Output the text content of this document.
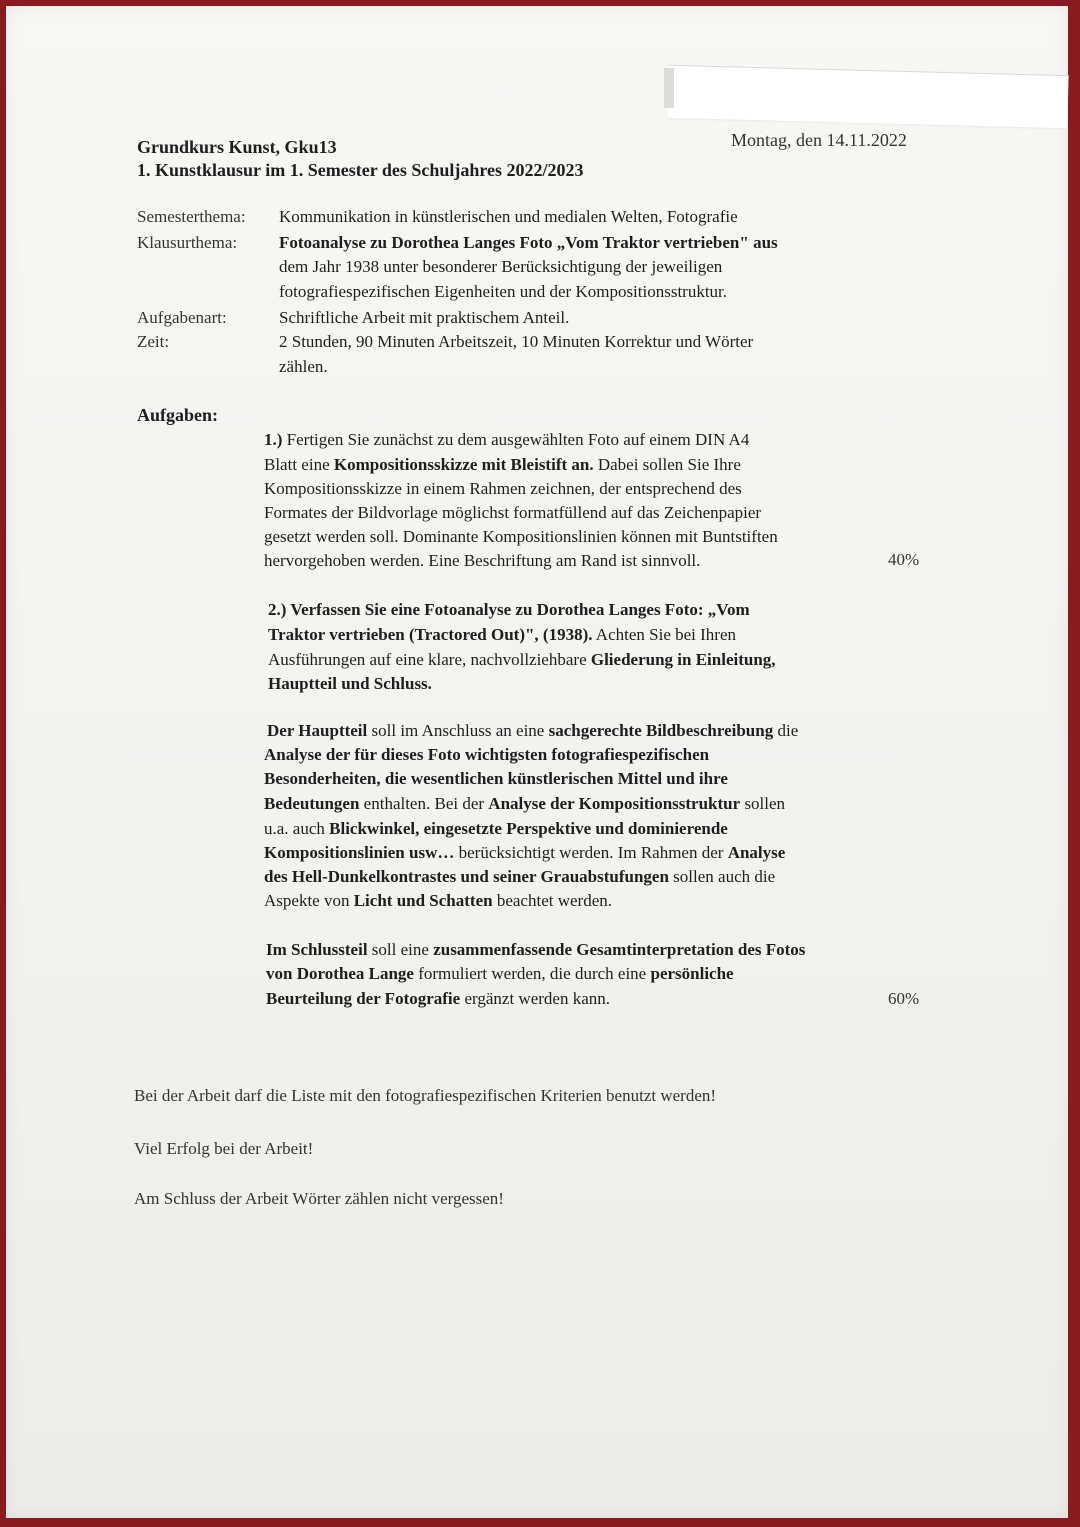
Grundkurs Kunst, Gku13
1. Kunstklausur im 1. Semester des Schuljahres 2022/2023
Montag, den 14.11.2022
Semesterthema: Kommunikation in künstlerischen und medialen Welten, Fotografie
Klausurthema: Fotoanalyse zu Dorothea Langes Foto „Vom Traktor vertrieben" aus
dem Jahr 1938 unter besonderer Berücksichtigung der jeweiligen
fotografiespezifischen Eigenheiten und der Kompositionsstruktur.
Aufgabenart:	Schriftliche Arbeit mit praktischem Anteil.
Zeit:	2 Stunden, 90 Minuten Arbeitszeit, 10 Minuten Korrektur und Wörter
zählen.
Aufgaben:
1.) Fertigen Sie zunächst zu dem ausgewählten Foto auf einem DIN A4
Blatt eine Kompositionsskizze mit Bleistift an. Dabei sollen Sie Ihre
Kompositionsskizze in einem Rahmen zeichnen, der entsprechend des
Formates der Bildvorlage möglichst formatfüllend auf das Zeichenpapier
gesetzt werden soll. Dominante Kompositionslinien können mit Buntstiften
hervorgehoben werden. Eine Beschriftung am Rand ist sinnvoll.	40%
2.) Verfassen Sie eine Fotoanalyse zu Dorothea Langes Foto: „Vom
Traktor vertrieben (Tractored Out)", (1938). Achten Sie bei Ihren
Ausführungen auf eine klare, nachvollziehbare Gliederung in Einleitung,
Hauptteil und Schluss.
Der Hauptteil soll im Anschluss an eine sachgerechte Bildbeschreibung die
Analyse der für dieses Foto wichtigsten fotografiespezifischen
Besonderheiten, die wesentlichen künstlerischen Mittel und ihre
Bedeutungen enthalten. Bei der Analyse der Kompositionsstruktur sollen
u.a. auch Blickwinkel, eingesetzte Perspektive und dominierende
Kompositionslinien usw… berücksichtigt werden. Im Rahmen der Analyse
des Hell-Dunkelkontrastes und seiner Grauabstufungen sollen auch die
Aspekte von Licht und Schatten beachtet werden.
Im Schlussteil soll eine zusammenfassende Gesamtinterpretation des Fotos
von Dorothea Lange formuliert werden, die durch eine persönliche
Beurteilung der Fotografie ergänzt werden kann.	60%
Bei der Arbeit darf die Liste mit den fotografiespezifischen Kriterien benutzt werden!
Viel Erfolg bei der Arbeit!
Am Schluss der Arbeit Wörter zählen nicht vergessen!
